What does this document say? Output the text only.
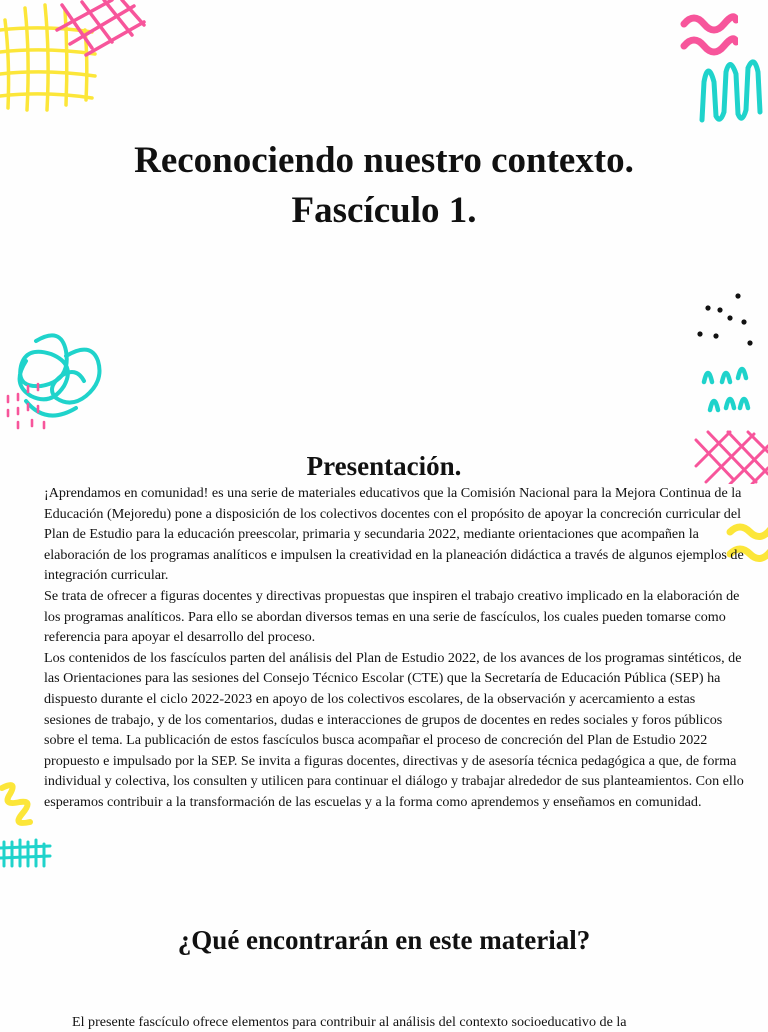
Reconociendo nuestro contexto.
Fascículo 1.
Presentación.

¡Aprendamos en comunidad! es una serie de materiales educativos que la Comisión Nacional para la Mejora Continua de la Educación (Mejoredu) pone a disposición de los colectivos docentes con el propósito de apoyar la concreción curricular del Plan de Estudio para la educación preescolar, primaria y secundaria 2022, mediante orientaciones que acompañen la elaboración de los programas analíticos e impulsen la creatividad en la planeación didáctica a través de algunos ejemplos de integración curricular.

Se trata de ofrecer a figuras docentes y directivas propuestas que inspiren el trabajo creativo implicado en la elaboración de los programas analíticos. Para ello se abordan diversos temas en una serie de fascículos, los cuales pueden tomarse como referencia para apoyar el desarrollo del proceso.

Los contenidos de los fascículos parten del análisis del Plan de Estudio 2022, de los avances de los programas sintéticos, de las Orientaciones para las sesiones del Consejo Técnico Escolar (CTE) que la Secretaría de Educación Pública (SEP) ha dispuesto durante el ciclo 2022-2023 en apoyo de los colectivos escolares, de la observación y acercamiento a estas sesiones de trabajo, y de los comentarios, dudas e interacciones de grupos de docentes en redes sociales y foros públicos sobre el tema. La publicación de estos fascículos busca acompañar el proceso de concreción del Plan de Estudio 2022 propuesto e impulsado por la SEP. Se invita a figuras docentes, directivas y de asesoría técnica pedagógica a que, de forma individual y colectiva, los consulten y utilicen para continuar el diálogo y trabajar alrededor de sus planteamientos. Con ello esperamos contribuir a la transformación de las escuelas y a la forma como aprendemos y enseñamos en comunidad.

¿Qué encontrarán en este material?
El presente fascículo ofrece elementos para contribuir al análisis del contexto socioeducativo de la
